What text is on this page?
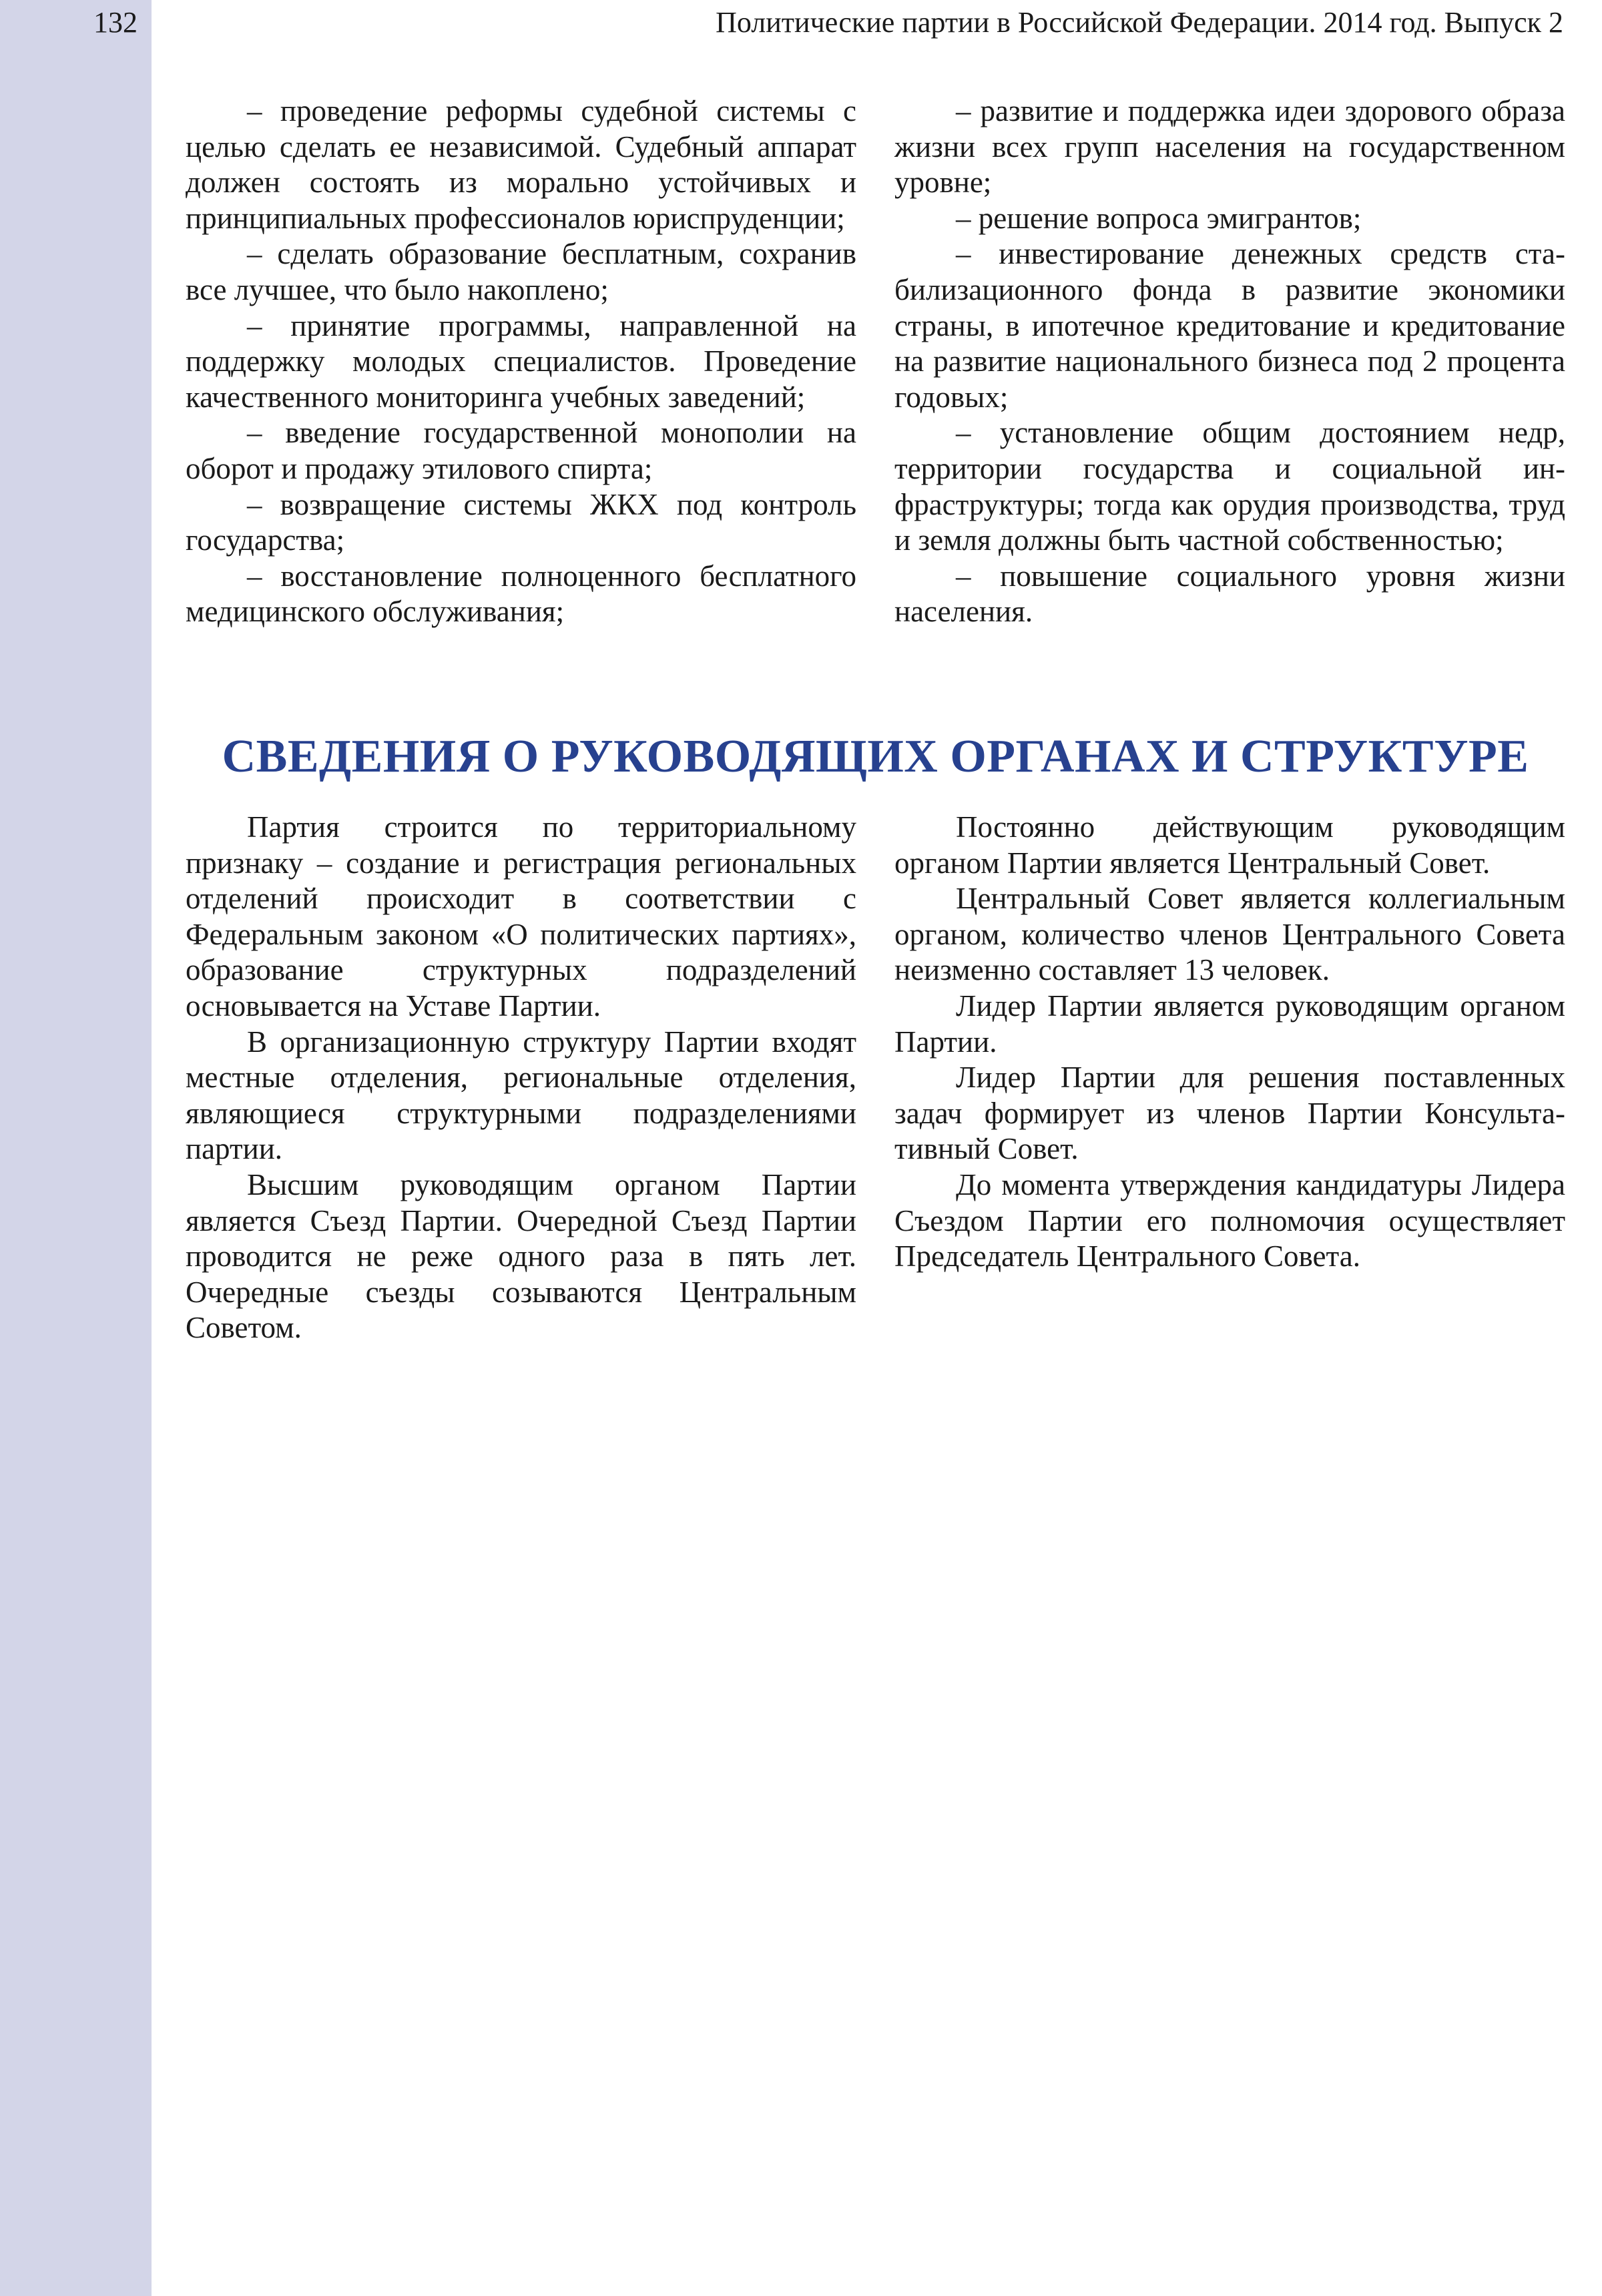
132	Политические партии в Российской Федерации. 2014 год. Выпуск 2

– проведение реформы судебной системы с целью сделать ее независимой. Судебный аппарат должен состоять из морально устойчивых и принципиальных профессионалов юриспруденции;

– сделать образование бесплатным, сохранив все лучшее, что было накоплено;

– принятие программы, направленной на поддержку молодых специалистов. Проведение качественного мониторинга учебных заведений;

– введение государственной монополии на оборот и продажу этилового спирта;

– возвращение системы ЖКХ под контроль государства;

– восстановление полноценного бесплатного медицинского обслуживания;

– развитие и поддержка идеи здорового образа жизни всех групп населения на государственном уровне;

– решение вопроса эмигрантов;

– инвестирование денежных средств стабилизационного фонда в развитие экономики страны, в ипотечное кредитование и кредитование на развитие национального бизнеса под 2 процента годовых;

– установление общим достоянием недр, территории государства и социальной инфраструктуры; тогда как орудия производства, труд и земля должны быть частной собственностью;

– повышение социального уровня жизни населения.

СВЕДЕНИЯ О РУКОВОДЯЩИХ ОРГАНАХ И СТРУКТУРЕ

Партия строится по территориальному признаку – создание и регистрация региональных отделений происходит в соответствии с Федеральным законом «О политических партиях», образование структурных подразделений основывается на Уставе Партии.

В организационную структуру Партии входят местные отделения, региональные отделения, являющиеся структурными подразделениями партии.

Высшим руководящим органом Партии является Съезд Партии. Очередной Съезд Партии проводится не реже одного раза в пять лет. Очередные съезды созываются Центральным Советом.

Постоянно действующим руководящим органом Партии является Центральный Совет.

Центральный Совет является коллегиальным органом, количество членов Центрального Совета неизменно составляет 13 человек.

Лидер Партии является руководящим органом Партии.

Лидер Партии для решения поставленных задач формирует из членов Партии Консультативный Совет.

До момента утверждения кандидатуры Лидера Съездом Партии его полномочия осуществляет Председатель Центрального Совета.
